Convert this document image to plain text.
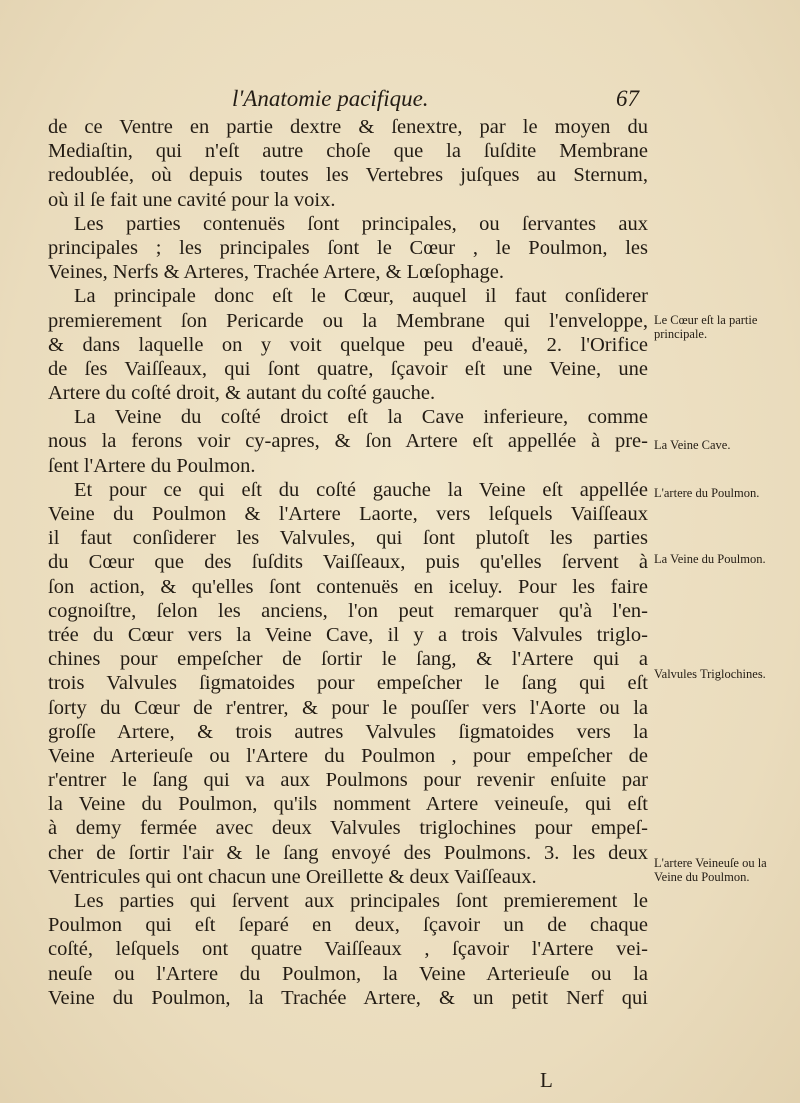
l'Anatomie pacifique.	67
de ce Ventre en partie dextre & ſenextre, par le moyen du
Mediaſtin, qui n'eſt autre choſe que la ſuſdite Membrane
redoublée, où depuis toutes les Vertebres juſques au Sternum,
où il ſe fait une cavité pour la voix.
Les parties contenuës ſont principales, ou ſervantes aux
principales ; les principales ſont le Cœur , le Poulmon, les
Veines, Nerfs & Arteres, Trachée Artere, & Lœſophage.
La principale donc eſt le Cœur, auquel il faut conſiderer
premierement ſon Pericarde ou la Membrane qui l'enveloppe,
& dans laquelle on y voit quelque peu d'eauë, 2. l'Orifice
de ſes Vaiſſeaux, qui ſont quatre, ſçavoir eſt une Veine, une
Artere du coſté droit, & autant du coſté gauche.
La Veine du coſté droict eſt la Cave inferieure, comme
nous la ferons voir cy-apres, & ſon Artere eſt appellée à pre-
ſent l'Artere du Poulmon.
Et pour ce qui eſt du coſté gauche la Veine eſt appellée
Veine du Poulmon & l'Artere Laorte, vers leſquels Vaiſſeaux
il faut conſiderer les Valvules, qui ſont plutoſt les parties
du Cœur que des ſuſdits Vaiſſeaux, puis qu'elles ſervent à
ſon action, & qu'elles ſont contenuës en iceluy. Pour les faire
cognoiſtre, ſelon les anciens, l'on peut remarquer qu'à l'en-
trée du Cœur vers la Veine Cave, il y a trois Valvules triglo-
chines pour empeſcher de ſortir le ſang, & l'Artere qui a
trois Valvules ſigmatoides pour empeſcher le ſang qui eſt
ſorty du Cœur de r'entrer, & pour le pouſſer vers l'Aorte ou la
groſſe Artere, & trois autres Valvules ſigmatoides vers la
Veine Arterieuſe ou l'Artere du Poulmon , pour empeſcher de
r'entrer le ſang qui va aux Poulmons pour revenir enſuite par
la Veine du Poulmon, qu'ils nomment Artere veineuſe, qui eſt
à demy fermée avec deux Valvules triglochines pour empeſ-
cher de ſortir l'air & le ſang envoyé des Poulmons. 3. les deux
Ventricules qui ont chacun une Oreillette & deux Vaiſſeaux.
Les parties qui ſervent aux principales ſont premierement le
Poulmon qui eſt ſeparé en deux, ſçavoir un de chaque
coſté, leſquels ont quatre Vaiſſeaux , ſçavoir l'Artere vei-
neuſe ou l'Artere du Poulmon, la Veine Arterieuſe ou la
Veine du Poulmon, la Trachée Artere, & un petit Nerf qui
Le Cœur eſt la partie principale.
La Veine Cave.
L'artere du Poulmon.
La Veine du Poulmon.
Valvules Triglochines.
L'artere Veineuſe ou la Veine du Poulmon.
L
